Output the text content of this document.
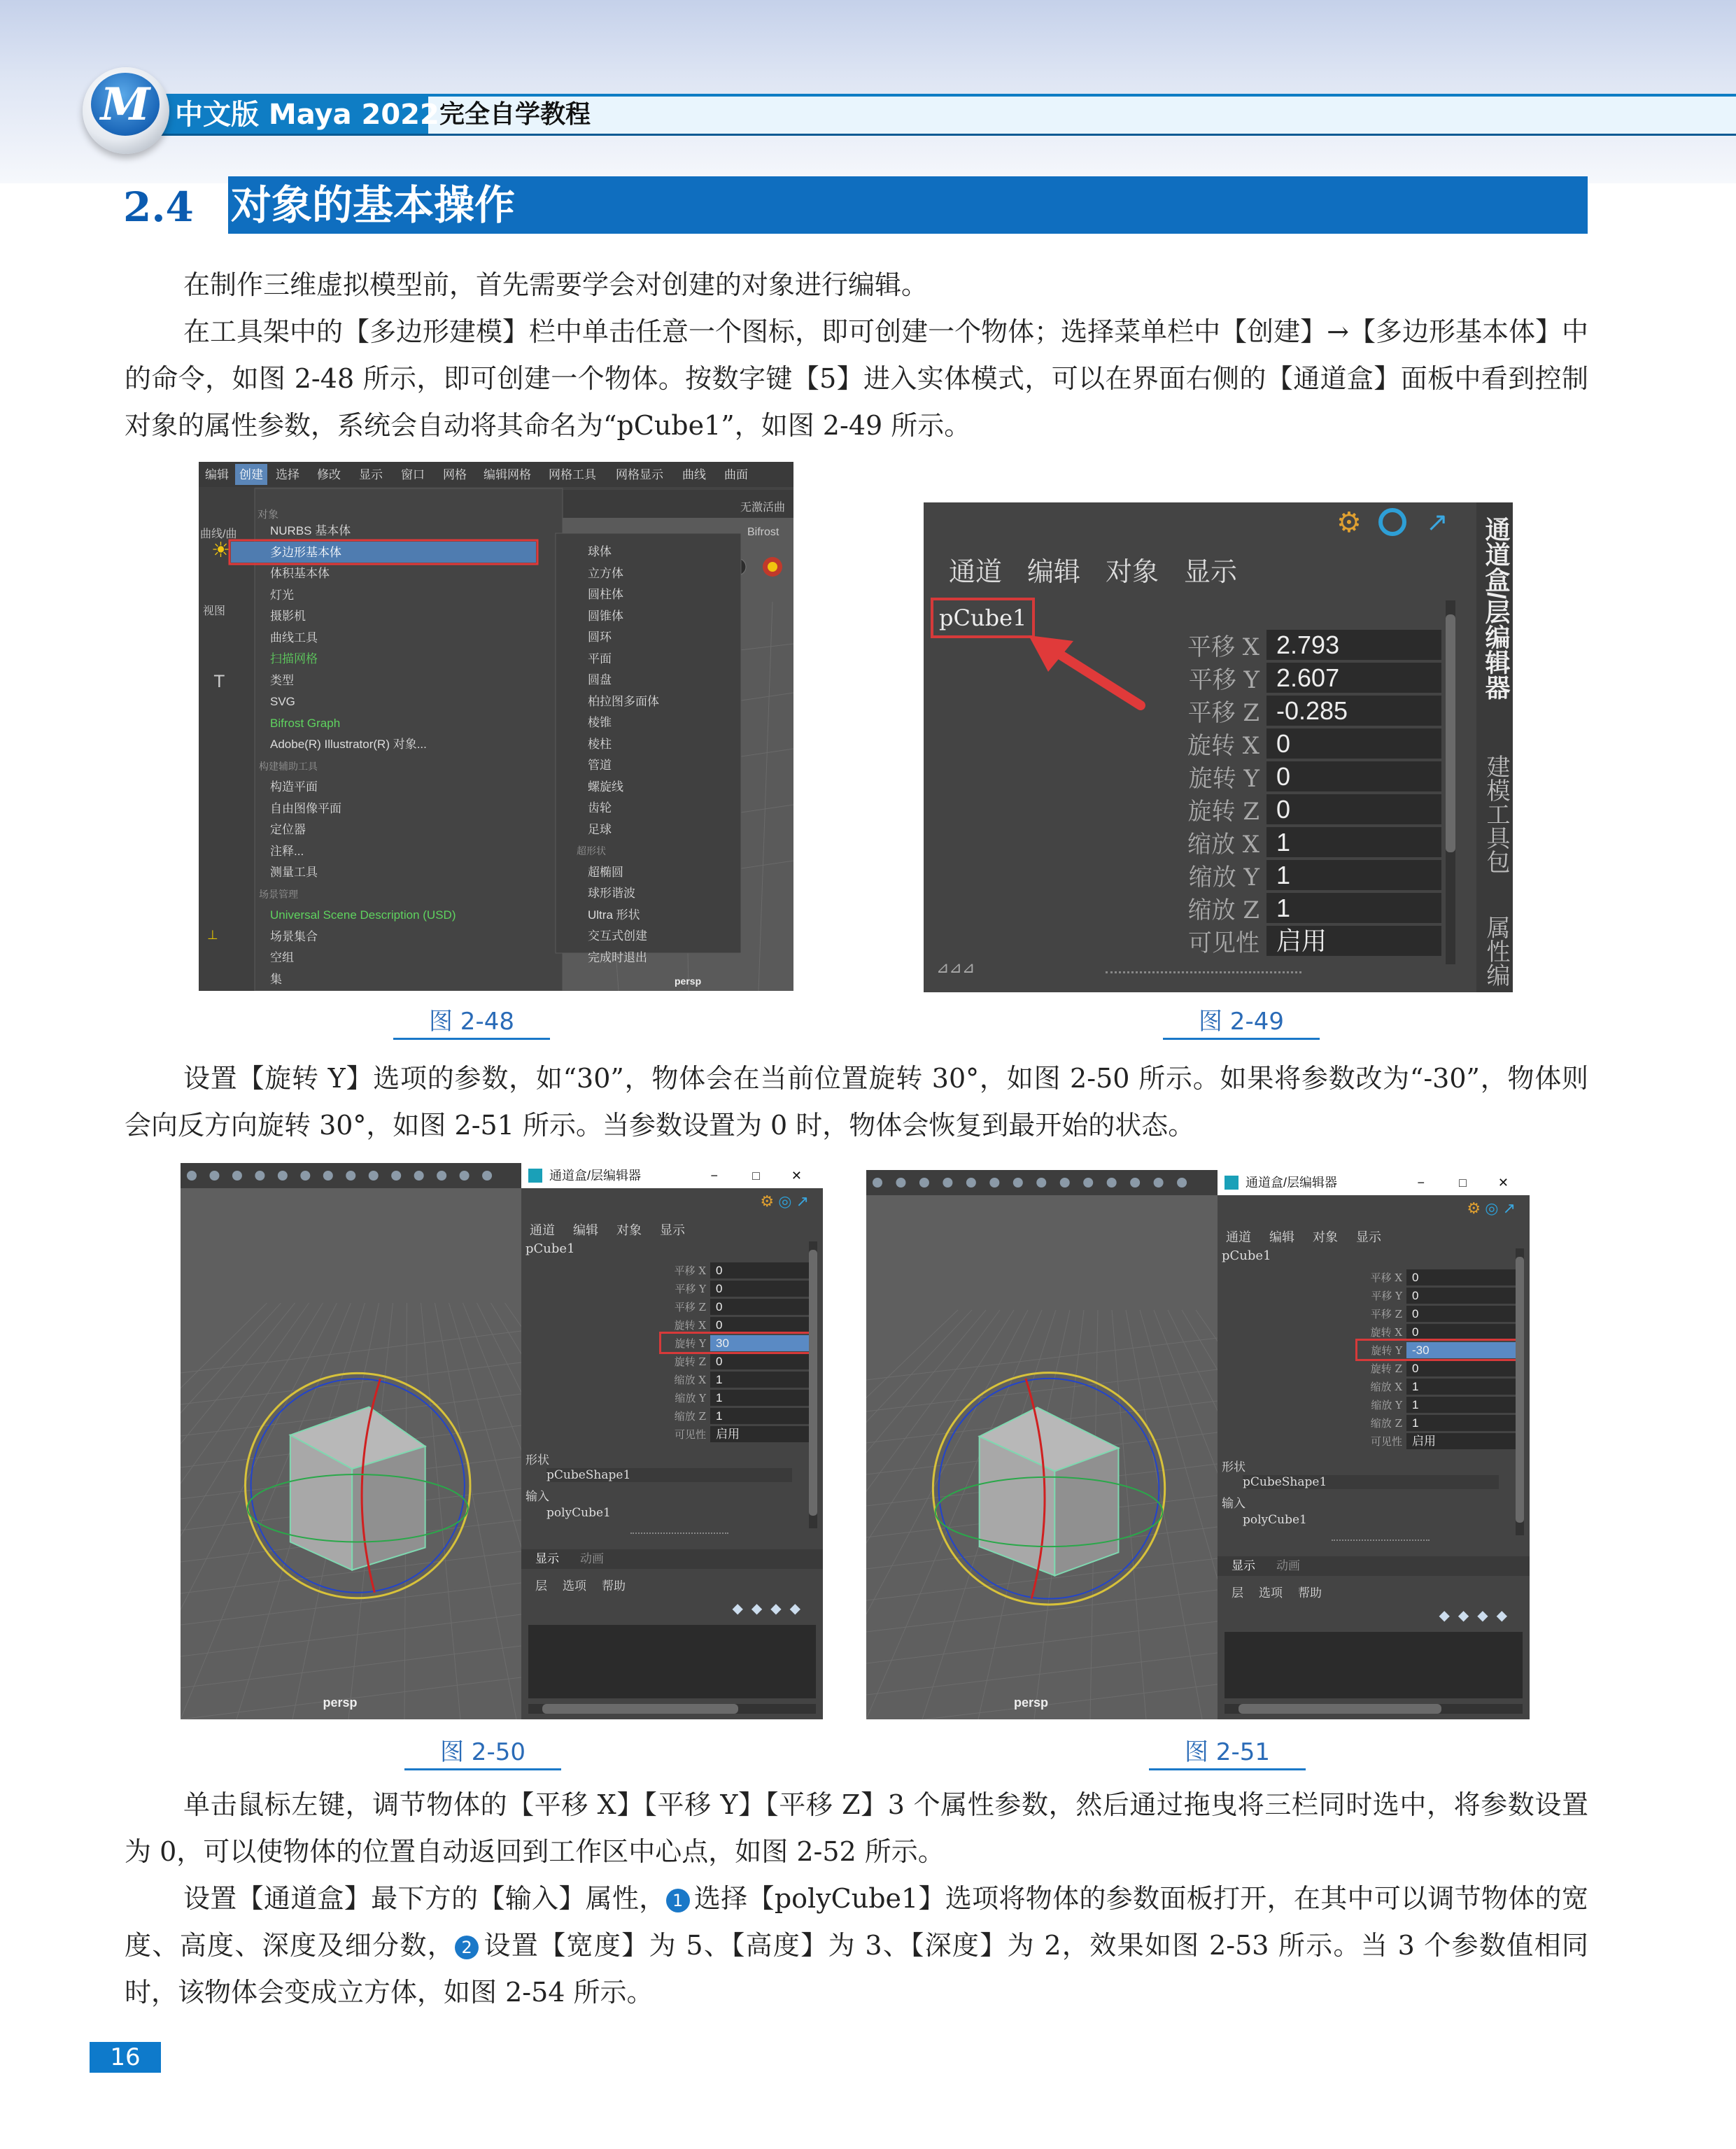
中文版 Maya 2022 完全自学教程
M
2.4 对象的基本操作

在制作三维虚拟模型前，首先需要学会对创建的对象进行编辑。

在工具架中的【多边形建模】栏中单击任意一个图标，即可创建一个物体；选择菜单栏中【创建】→【多边形基本体】中的命令，如图 2-48 所示，即可创建一个物体。按数字键【5】进入实体模式，可以在界面右侧的【通道盒】面板中看到控制对象的属性参数，系统会自动将其命名为“pCube1”，如图 2-49 所示。

⊥
☀
T
编辑 创建	选择	修改	显示	窗口	网格	编辑网格	网格工具	网格显示	曲线	曲面
曲线/曲
视图
无激活曲
Bifrost
对象
NURBS 基本体
多边形基本体
体积基本体
灯光
摄影机
曲线工具
扫描网格
类型
SVG
Bifrost Graph
Adobe(R) Illustrator(R) 对象...
构建辅助工具
构造平面
自由图像平面
定位器
注释...
测量工具
场景管理
Universal Scene Description (USD)
场景集合
空组
集
球体
立方体
圆柱体
圆锥体
圆环
平面
圆盘
柏拉图多面体
棱锥
棱柱
管道
螺旋线
齿轮
足球
超形状
超椭圆
球形谐波
Ultra 形状
交互式创建
完成时退出
persp
图 2-48
⚙ ↗
通道 编辑 对象 显示
pCube1
平移 X 2.793
平移 Y 2.607
平移 Z -0.285
旋转 X 0
旋转 Y 0
旋转 Z 0
缩放 X 1
缩放 Y 1
缩放 Z 1
可见性 启用
⊿⊿⊿
通道盒/层编辑器
建模工具包
属性编
图 2-49

设置【旋转 Y】选项的参数，如“30”，物体会在当前位置旋转 30°，如图 2-50 所示。如果将参数改为“-30”，物体则会向反方向旋转 30°，如图 2-51 所示。当参数设置为 0 时，物体会恢复到最开始的状态。

persp
通道盒/层编辑器	−	□ ✕
⚙ ◎ ↗
通道 编辑 对象 显示
pCube1
平移 X 0
平移 Y 0
平移 Z 0
旋转 X 0
旋转 Y 30
旋转 Z 0
缩放 X 1
缩放 Y 1
缩放 Z 1
可见性 启用
形状
pCubeShape1
输入
polyCube1
显示 动画
层 选项 帮助
◆◆◆◆
图 2-50
persp
通道盒/层编辑器	−	□ ✕
⚙ ◎ ↗
通道 编辑 对象 显示
pCube1
平移 X 0
平移 Y 0
平移 Z 0
旋转 X 0
旋转 Y -30
旋转 Z 0
缩放 X 1
缩放 Y 1
缩放 Z 1
可见性 启用
形状
pCubeShape1
输入
polyCube1
显示 动画
层 选项 帮助
◆◆◆◆
图 2-51

单击鼠标左键，调节物体的【平移 X】【平移 Y】【平移 Z】3 个属性参数，然后通过拖曳将三栏同时选中，将参数设置为 0，可以使物体的位置自动返回到工作区中心点，如图 2-52 所示。

设置【通道盒】最下方的【输入】属性， 1 选择【polyCube1】选项将物体的参数面板打开，在其中可以调节物体的宽度、高度、深度及细分数， 2 设置【宽度】为 5、【高度】为 3、【深度】为 2，效果如图 2-53 所示。当 3 个参数值相同时，该物体会变成立方体，如图 2-54 所示。

16
